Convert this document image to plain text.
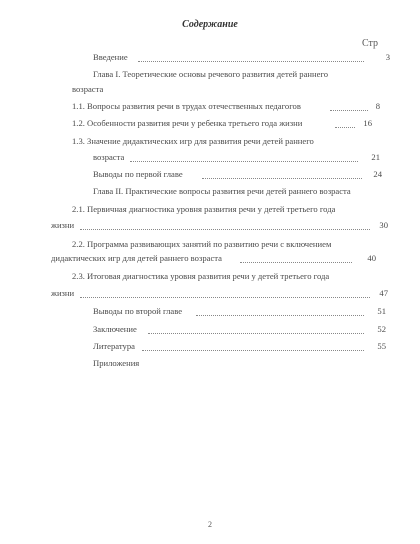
Содержание
Стр
Введение	3
Глава I. Теоретические основы речевого развития детей раннего
возраста
1.1. Вопросы развития речи в трудах отечественных педагогов	8
1.2. Особенности развития речи у ребенка третьего года жизни	16
1.3. Значение дидактических игр для развития речи детей раннего
возраста	21
Выводы по первой главе	24
Глава II. Практические вопросы развития речи детей раннего возраста
2.1. Первичная диагностика уровня развития речи у детей третьего года
жизни	30
2.2. Программа развивающих занятий по развитию речи с включением
дидактических игр для детей раннего возраста	40
2.3. Итоговая диагностика уровня развития речи у детей третьего года
жизни	47
Выводы по второй главе	51
Заключение	52
Литература	55
Приложения
2
